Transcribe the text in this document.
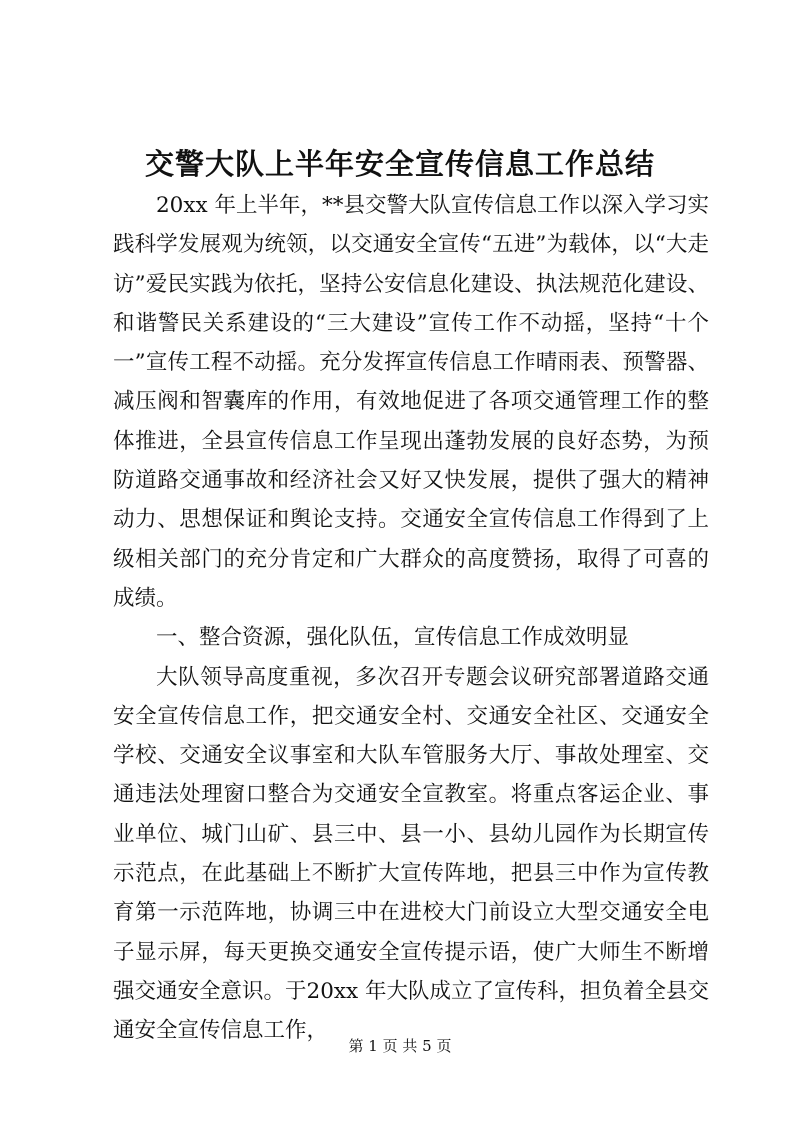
交警大队上半年安全宣传信息工作总结

20xx 年上半年，**县交警大队宣传信息工作以深入学习实践科学发展观为统领，以交通安全宣传“五进”为载体，以“大走访”爱民实践为依托，坚持公安信息化建设、执法规范化建设、和谐警民关系建设的“三大建设”宣传工作不动摇，坚持“十个一”宣传工程不动摇。充分发挥宣传信息工作晴雨表、预警器、减压阀和智囊库的作用，有效地促进了各项交通管理工作的整体推进，全县宣传信息工作呈现出蓬勃发展的良好态势，为预防道路交通事故和经济社会又好又快发展，提供了强大的精神动力、思想保证和舆论支持。交通安全宣传信息工作得到了上级相关部门的充分肯定和广大群众的高度赞扬，取得了可喜的成绩。

一、整合资源，强化队伍，宣传信息工作成效明显

大队领导高度重视，多次召开专题会议研究部署道路交通安全宣传信息工作，把交通安全村、交通安全社区、交通安全学校、交通安全议事室和大队车管服务大厅、事故处理室、交通违法处理窗口整合为交通安全宣教室。将重点客运企业、事业单位、城门山矿、县三中、县一小、县幼儿园作为长期宣传示范点，在此基础上不断扩大宣传阵地，把县三中作为宣传教育第一示范阵地，协调三中在进校大门前设立大型交通安全电子显示屏，每天更换交通安全宣传提示语，使广大师生不断增强交通安全意识。于20xx 年大队成立了宣传科，担负着全县交通安全宣传信息工作，

第 1 页 共 5 页
